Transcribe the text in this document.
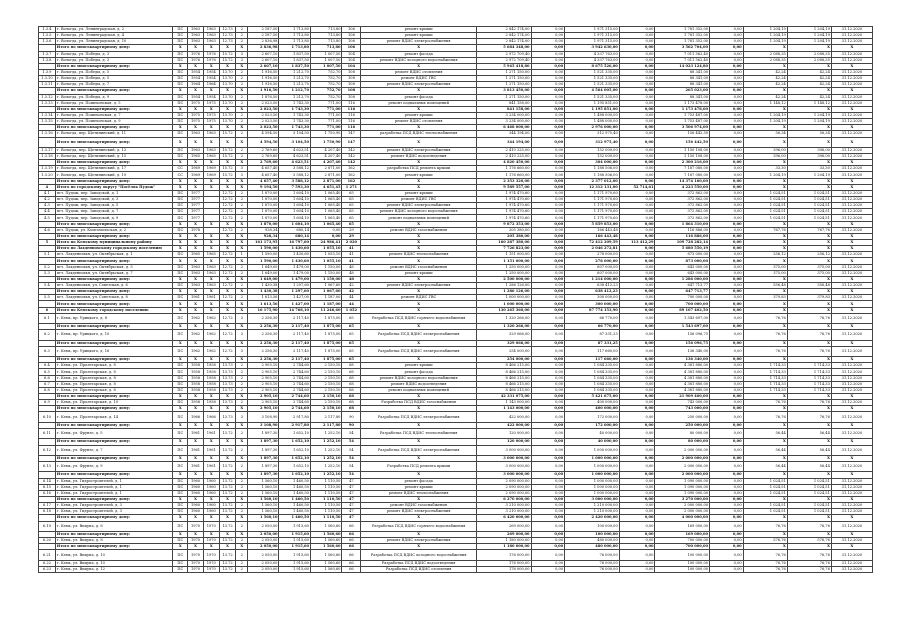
1.3.4	г. Вологда, ул. Ленинградская, д. 2	ПС	1963	1963	12.73	2	2 187,50	1 713,80	713,80	106	ремонт крыши	2 842 174,00	0,00	1 971 315,00	0,00	1 781 352,00	0,00	1 204,19	1 204,19	31.12.2020
1.3.5	г. Вологда, ул. Ленинградская, д. 4	ПС	1963	1963	12.73	2	2 187,50	1 713,80	713,80	106	ремонт крыши	2 842 174,00	0,00	1 971 315,00	0,00	1 781 352,00	0,00	1 204,19	1 204,19	31.12.2020
1.3.6	г. Вологда, ул. Ленинградская, д. 10	ПС	1963	1963	12.73	2	2 836,98	1 713,80	713,80	106	ремонт ВДИС электроснабжения	2 842 174,00	0,00	1 971 315,00	0,00	1 781 352,00	0,00	1 204,19	1 204,19	31.12.2020
	Итого по многоквартирному дому:	X	X	X	X	X	2 836,98	1 713,80	713,80	106	X	5 684 348,00	0,00	3 942 630,00	0,00	3 562 704,00	0,00	X	X	X
1.3.7	г. Вологда, ул. Победы, д. 3	ПС	1976	1976	15.72	3	2 607,10	1 837,50	1 007,50	104	ремонт фасада	2 972 709,40	0,00	4 337 763,00	0,00	7 011 562,40	0,00	2 088,35	2 088,35	31.12.2020
1.3.8	г. Вологда, ул. Победы, д. 3	ПС	1976	1976	15.72	3	2 607,10	1 837,50	1 007,50	104	ремонт ВДИС холодного водоснабжения	2 972 709,40	0,00	4 337 763,00	0,00	7 011 562,40	0,00	2 088,35	2 088,35	31.12.2020
	Итого по многоквартирному дому:	X	X	X	X	X	2 607,10	1 837,50	1 007,50	104	X	5 945 418,80	0,00	8 675 526,00	0,00	14 023 124,80	0,00	X	X	X
1.3.9	г. Вологда, ул. Победы, д. 5	ПС	1954	1954	13.70	2	1 916,50	1 212,70	752,70	108	ремонт ВДИС отопления	1 271 150,00	0,00	1 521 335,00	0,00	88 341,00	0,00	42,24	42,24	31.12.2020
1.3.10	г. Вологда, ул. Победы, д. 5	ПС	1954	1954	13.70	2	1 916,50	1 212,70	752,70	108	ремонт ВДИС ГВС	1 271 150,00	0,00	1 521 335,00	0,00	88 341,00	0,00	42,24	42,24	31.12.2020
1.3.11	г. Вологда, ул. Победы, д. 7	ПС	1964	1964	13.70	2	1 916,50	1 212,70	752,70	108	ремонт ВДИС электроснабжения	1 271 150,00	0,00	1 521 335,00	0,00	88 341,00	0,00	42,24	42,24	31.12.2020
	Итого по многоквартирному дому:	X	X	X	X	X	1 916,50	1 212,70	752,70	108	X	3 813 450,00	0,00	4 564 005,00	0,00	265 023,00	0,00	X	X	X
1.3.12	г. Вологда, ул. Победы, д. 9	ПС	1954	1954	13.70	2	1 876,50	1 212,70	752,70	108	ремонт фасада	1 271 150,00	0,00	1 521 335,00	0,00	88 341,00	0,00	42,24	42,24	31.12.2020
1.3.13	г. Вологда, ул. Пошехонская, д. 5	ПС	1975	1975	13.70	2	2 023,50	1 743,30	771,00	116	ремонт подвальных помещений	841 158,00	0,00	1 195 851,00	0,00	1 173 478,00	0,00	1 148,12	1 148,12	31.12.2020
	Итого по многоквартирному дому:	X	X	X	X	X	2 023,50	1 743,30	771,00	116	X	841 158,00	0,00	1 195 851,00	0,00	1 173 478,00	0,00	X	X	X
1.3.14	г. Вологда, ул. Пошехонская, д. 7	ПС	1975	1975	13.70	2	2 023,50	1 743,30	771,00	116	ремонт крыши	3 234 000,00	0,00	1 488 000,00	0,00	1 753 487,00	0,00	1 204,19	1 204,19	31.12.2020
1.3.15	г. Вологда, ул. Пошехонская, д. 9	ПС	1975	1975	13.70	2	2 023,50	1 743,30	771,00	116	ремонт ВДИС отопления	3 234 000,00	0,00	1 488 000,00	0,00	1 753 487,00	0,00	1 204,19	1 204,19	31.12.2020
	Итого по многоквартирному дому:	X	X	X	X	X	2 023,50	1 743,30	771,00	116	X	6 468 000,00	0,00	2 976 000,00	0,00	3 506 974,00	0,00	X	X	X
1.3.16	г. Вологда, пер. Щетининский, д. 11	ПС	1963	1963	15.72	2	4 594,50	3 104,50	1 750,90	147	разработка ПСД ВДИС теплоснабжения	344 194,00	0,00	312 975,40	0,00	156 442,50	0,00	56,34	56,34	31.12.2020
	Итого по многоквартирному дому:	X	X	X	X	X	4 594,50	3 104,50	1 750,90	147	X	344 194,00	0,00	312 975,40	0,00	156 442,50	0,00	X	X	X
1.3.17	г. Вологда, пер. Щетининский, д. 13	ПС	1963	1963	15.72	2	2 769,60	4 623,51	4 207,40	142	ремонт ВДИС электроснабжения	2 410 225,00	0,00	152 000,00	0,00	1 150 108,00	0,00	396,00	396,00	31.12.2020
1.3.18	г. Вологда, пер. Щетининский, д. 15	ПС	1965	1965	15.72	2	2 769,60	4 623,51	4 207,40	142	ремонт ВДИС водоотведения	2 410 225,00	0,00	152 000,00	0,00	1 150 108,00	0,00	396,00	396,00	31.12.2020
	Итого по многоквартирному дому:	X	X	X	X	X	2 769,60	4 623,51	4 207,40	142	X	4 820 450,00	0,00	304 000,00	0,00	2 300 216,00	0,00	X	X	X
1.3.19	г. Вологда, пер. Щетининский, д. 17	СС	1969	1969	15.72	3	4 657,40	3 588,12	2 871,00	162	разработка ПСД ремонта крыши	1 176 660,00	0,00	1 188 506,00	0,00	7 187 080,00	0,00	33,30	33,30	31.12.2020
1.3.20	г. Вологда, пер. Щетининский, д. 19	СС	1969	1969	15.72	3	4 657,40	3 588,12	2 871,00	162	ремонт крыши	1 176 660,00	0,00	1 188 506,00	0,00	7 187 080,00	0,00	1 204,19	1 204,19	31.12.2020
	Итого по многоквартирному дому:	X	X	X	X	X	4 657,40	3 588,12	2 871,00	162	X	2 353 320,00	0,00	2 377 012,00	0,00	14 374 160,00	0,00	X	X	X
4	Итого по городскому округу "Посёлок Пудож"	X	X	X	X	X	9 194,50	7 593,30	4 651,45	1 271	X	9 589 557,00	0,00	12 312 131,00	52 714,61	4 223 550,00	0,00	X	X	X
4.1	пгт. Пудож, пер. Заводской, д. 1	ПС	1977		12.72	2	1 870,00	1 604,10	1 065,40	65	ремонт крыши	1 974 470,60	0,00	1 171 970,60	0,00	372 862,00	0,00	1 024,51	1 024,51	31.12.2020
4.2	пгт. Пудож, пер. Заводской, д. 3	ПС	1977		12.72	2	1 870,00	1 604,10	1 065,40	65	ремонт ВДИС ГВС	1 974 470,60	0,00	1 171 970,60	0,00	372 862,00	0,00	1 024,51	1 024,51	31.12.2020
4.3	пгт. Пудож, пер. Заводской, д. 5	ПС	1977		12.72	2	1 870,00	1 604,10	1 065,40	65	ремонт ВДИС электроснабжения	1 974 470,60	0,00	1 171 970,60	0,00	372 862,00	0,00	1 024,51	1 024,51	31.12.2020
4.4	пгт. Пудож, пер. Заводской, д. 7	ПС	1977		12.72	2	1 870,00	1 604,10	1 065,40	65	ремонт ВДИС холодного водоснабжения	1 974 470,60	0,00	1 171 970,60	0,00	372 862,00	0,00	1 024,51	1 024,51	31.12.2020
4.5	пгт. Пудож, пер. Заводской, д. 9	ПС	1977		12.72	2	1 870,00	1 604,10	1 065,40	65	ремонт подвальных помещений	1 974 470,60	0,00	1 171 970,60	0,00	372 862,00	0,00	1 024,51	1 024,51	31.12.2020
	Итого по многоквартирному дому:	X	X	X	X	X	1 870,00	1 604,10	1 065,40	65	X	9 872 353,00	0,00	5 859 853,00	0,00	1 864 310,00	0,00	X	X	X
4.6	пгт. Пудож, ул. Комсомольская, д. 2	ПС	1978		12.72	2	928,34	680,14	0,00	29	ремонт ВДИС газоснабжения	205 380,00	0,00	166 443,48	0,00	116 886,00	0,00	767,76	767,76	31.12.2020
	Итого по многоквартирному дому:	X	X	X	X	X	928,34	680,14	0,00	29	X	205 380,00	0,00	166 443,48	0,00	116 886,00	0,00	X	X	X
5	Итого по Кемскому муниципальному району	X	X	X	X	X	161 173,95	16 797,60	24 986,41	2 020	X	160 287 380,00	0,00	72 412 209,59	113 412,29	109 728 282,14	0,00	X	X	X
	Итого по Лахденпохскому городскому поселению	X	X	X	X	X	1 590,00	1 430,60	1 055,10	41	X	7 726 823,00	0,00	2 046 272,81	0,00	5 680 550,19	0,00	X	X	X
5.1	пгт. Лахденпохья, ул. Октябрьская, д. 1	ПС	1965	1965	12.72	1	1 590,00	1 430,60	1 055,10	41	ремонт ВДИС теплоснабжения	1 151 000,00	0,00	278 000,00	0,00	873 000,00	0,00	256,12	256,12	31.12.2020
	Итого по многоквартирному дому:	X	X	X	X	X	1 590,00	1 430,60	1 055,10	41	X	1 151 000,00	0,00	278 000,00	0,00	873 000,00	0,00	X	X	X
5.2	пгт. Лахденпохья, ул. Октябрьская, д. 5	ПС	1963	1963	12.72	2	1 649,00	1 479,00	1 150,00	48	ремонт ВДИС газоснабжения	1 250 000,00	0,00	607 000,00	0,00	643 000,00	0,00	375,00	375,00	31.12.2020
5.3	пгт. Лахденпохья, ул. Октябрьская, д. 7	ПС	1963	1963	12.72	2	1 649,00	1 479,00	1 150,00	48	ремонт крыши	1 250 000,00	0,00	607 000,00	0,00	643 000,00	0,00	375,00	375,00	31.12.2020
	Итого по многоквартирному дому:	X	X	X	X	X	1 649,00	1 479,00	1 150,00	48	X	2 500 000,00	0,00	1 214 000,00	0,00	1 286 000,00	0,00	X	X	X
5.4	пгт. Лахденпохья, ул. Советская, д. 6	ПС	1963	1963	12.72	2	1 430,38	1 297,60	1 067,60	42	ремонт ВДИС электроснабжения	1 286 126,00	0,00	638 412,23	0,00	647 713,77	0,00	556,48	556,48	31.12.2020
	Итого по многоквартирному дому:	X	X	X	X	X	1 430,38	1 297,60	1 067,60	42	X	1 286 126,00	0,00	638 412,23	0,00	647 713,77	0,00	X	X	X
5.5	пгт. Лахденпохья, ул. Советская, д. 8	ПС	1961	1961	12.72	2	1 613,56	1 427,00	1 187,00	44	ремонт ВДИС ГВС	1 000 000,00	0,00	300 000,00	0,00	700 000,00	0,00	379,83	379,83	31.12.2020
	Итого по многоквартирному дому:	X	X	X	X	X	1 613,56	1 427,00	1 187,00	44	X	1 000 000,00	0,00	300 000,00	0,00	700 000,00	0,00	X	X	X
6	Итого по Кемскому городскому поселению	X	X	X	X	X	16 175,90	14 768,10	11 246,60	1 052	X	130 265 360,00	0,00	87 774 153,90	0,00	89 107 402,50	0,00	X	X	X
6.1	г. Кемь, пр. Урицкого, д. 8	ПС	1962	1962	12.72	3	2 256,30	2 117,40	1 875,00	65	Разработка ПСД ВДИС горячего водоснабжения	1 320 266,00	0,00	66 770,00	0,00	1 543 697,00	0,00	76,76	76,76	31.12.2020
	Итого по многоквартирному дому:	X	X	X	X	X	2 256,30	2 117,40	1 875,00	65	X	1 320 266,00	0,00	66 770,00	0,00	1 543 697,00	0,00	X	X	X
6.2	г. Кемь, пр. Урицкого, д. 10	ПС	1962	1962	12.72	3	2 256,30	2 117,40	1 875,00	65	Разработка ПСД ВДИС электроснабжения	329 066,00	0,00	87 331,25	0,00	156 096,75	0,00	76,76	76,76	31.12.2020
	Итого по многоквартирному дому:	X	X	X	X	X	2 256,30	2 117,40	1 875,00	65	X	329 066,00	0,00	87 331,25	0,00	156 096,75	0,00	X	X	X
6.3	г. Кемь, пр. Урицкого, д. 16	ПС	1962	1962	12.72	3	2 256,30	2 117,40	1 875,00	65	Разработка ПСД ВДИС электроснабжения	254 000,00	0,00	117 660,00	0,00	136 340,00	0,00	76,76	76,76	31.12.2020
	Итого по многоквартирному дому:	X	X	X	X	X	2 256,30	2 117,40	1 875,00	65	X	254 000,00	0,00	117 660,00	0,00	136 340,00	0,00	X	X	X
6.4	г. Кемь, ул. Пролетарская, д. 8	ПС	1958	1958	13.73	2	2 905,10	2 744,60	2 150,10	68	ремонт крыши	8 466 215,00	0,00	1 084 335,00	0,00	4 381 880,00	0,00	1 714,33	1 714,33	31.12.2020
6.5	г. Кемь, ул. Пролетарская, д. 8	ПС	1958	1958	13.73	2	2 905,10	2 744,60	2 150,10	68	ремонт фасада	8 466 215,00	0,00	1 084 335,00	0,00	4 381 880,00	0,00	1 714,33	1 714,33	31.12.2020
6.6	г. Кемь, ул. Пролетарская, д. 8	ПС	1958	1958	13.73	2	2 905,10	2 744,60	2 150,10	68	ремонт ВДИС холодного водоснабжения	8 466 215,00	0,00	1 084 335,00	0,00	4 381 880,00	0,00	1 714,33	1 714,33	31.12.2020
6.7	г. Кемь, ул. Пролетарская, д. 8	ПС	1958	1958	13.73	2	2 905,10	2 744,60	2 150,10	68	ремонт ВДИС водоотведения	8 466 215,00	0,00	1 084 335,00	0,00	4 381 880,00	0,00	1 714,33	1 714,33	31.12.2020
6.8	г. Кемь, ул. Пролетарская, д. 8	ПС	1958	1958	13.73	2	2 905,10	2 744,60	2 150,10	68	ремонт подвальных помещений	8 466 215,00	0,00	1 084 335,00	0,00	4 381 880,00	0,00	1 714,33	1 714,33	31.12.2020
	Итого по многоквартирному дому:	X	X	X	X	X	2 905,10	2 744,60	2 150,10	68	X	42 331 075,00	0,00	5 421 675,00	0,00	21 909 400,00	0,00	X	X	X
6.9	г. Кемь, ул. Пролетарская, д. 10	ПС	1958	1958	13.73	2	2 905,10	2 744,60	2 150,10	68	Разработка ПСД ВДИС газоснабжения	1 143 000,00	0,00	400 000,00	0,00	743 000,00	0,00	76,76	76,76	31.12.2020
	Итого по многоквартирному дому:	X	X	X	X	X	2 905,10	2 744,60	2 150,10	68	X	1 143 000,00	0,00	400 000,00	0,00	743 000,00	0,00	X	X	X
6.10	г. Кемь, ул. Пролетарская, д. 14	ПС	1966	1966	13.73	3	3 108,90	2 917,80	2 117,80	90	Разработка ПСД ВДИС электроснабжения	422 000,00	0,00	172 000,00	0,00	250 000,00	0,00	76,76	76,76	31.12.2020
	Итого по многоквартирному дому:	X	X	X	X	X	3 108,90	2 917,80	2 117,80	90	X	422 000,00	0,00	172 000,00	0,00	250 000,00	0,00	X	X	X
6.11	г. Кемь, ул. Фрунзе, д. 5	ПС	1961	1961	13.72	2	1 897,30	1 652,10	1 252,10	54	Разработка ПСД ВДИС теплоснабжения	120 000,00	0,00	40 000,00	0,00	80 000,00	0,00	56,44	56,44	31.12.2020
	Итого по многоквартирному дому:	X	X	X	X	X	1 897,30	1 652,10	1 252,10	54	X	120 000,00	0,00	40 000,00	0,00	80 000,00	0,00	X	X	X
6.12	г. Кемь, ул. Фрунзе, д. 7	ПС	1961	1961	13.72	2	1 897,30	1 652,10	1 252,10	54	Разработка ПСД ВДИС электроснабжения	3 000 000,00	0,00	1 000 000,00	0,00	2 000 000,00	0,00	56,44	56,44	31.12.2020
	Итого по многоквартирному дому:	X	X	X	X	X	1 897,30	1 652,10	1 252,10	54	X	3 000 000,00	0,00	1 000 000,00	0,00	2 000 000,00	0,00	X	X	X
6.13	г. Кемь, ул. Фрунзе, д. 9	ПС	1961	1961	13.72	2	1 897,30	1 652,10	1 252,10	54	Разработка ПСД ремонта крыши	3 000 000,00	0,00	1 000 000,00	0,00	2 000 000,00	0,00	56,44	56,44	31.12.2020
	Итого по многоквартирному дому:	X	X	X	X	X	1 897,30	1 652,10	1 252,10	54	X	3 000 000,00	0,00	1 000 000,00	0,00	2 000 000,00	0,00	X	X	X
6.14	г. Кемь, ул. Гидростроителей, д. 1	ПС	1960	1960	13.72	2	1 560,10	1 460,50	1 110,50	47	ремонт фасада	2 090 000,00	0,00	1 000 000,00	0,00	1 090 000,00	0,00	1 024,51	1 024,51	31.12.2020
6.15	г. Кемь, ул. Гидростроителей, д. 1	ПС	1960	1960	13.72	2	1 560,10	1 460,50	1 110,50	47	ремонт крыши	2 090 000,00	0,00	1 000 000,00	0,00	1 090 000,00	0,00	1 024,51	1 024,51	31.12.2020
6.16	г. Кемь, ул. Гидростроителей, д. 1	ПС	1960	1960	13.72	2	1 560,10	1 460,50	1 110,50	47	ремонт ВДИС теплоснабжения	2 090 000,00	0,00	1 000 000,00	0,00	1 090 000,00	0,00	1 024,51	1 024,51	31.12.2020
	Итого по многоквартирному дому:	X	X	X	X	X	1 560,10	1 460,50	1 110,50	47	X	6 270 000,00	0,00	3 000 000,00	0,00	3 270 000,00	0,00	X	X	X
6.17	г. Кемь, ул. Гидростроителей, д. 3	ПС	1960	1960	13.72	2	1 560,10	1 460,50	1 110,50	47	ремонт ВДИС газоснабжения	3 210 000,00	0,00	1 210 000,00	0,00	2 000 000,00	0,00	1 024,51	1 024,51	31.12.2020
6.18	г. Кемь, ул. Гидростроителей, д. 3	ПС	1960	1960	13.72	2	1 560,10	1 460,50	1 110,50	47	ремонт ВДИС электроснабжения	3 210 000,00	0,00	1 210 000,00	0,00	2 000 000,00	0,00	1 024,51	1 024,51	31.12.2020
	Итого по многоквартирному дому:	X	X	X	X	X	1 560,10	1 460,50	1 110,50	47	X	6 420 000,00	0,00	2 420 000,00	0,00	4 000 000,00	0,00	X	X	X
6.19	г. Кемь, ул. Вицупа, д. 6	ПС	1970	1970	13.72	2	2 050,00	1 915,60	1 560,60	66	Разработка ПСД ВДИС горячего водоснабжения	269 000,00	0,00	100 000,00	0,00	169 000,00	0,00	76,76	76,76	31.12.2020
	Итого по многоквартирному дому:	X	X	X	X	X	2 050,00	1 915,60	1 560,60	66	X	269 000,00	0,00	100 000,00	0,00	169 000,00	0,00	X	X	X
6.20	г. Кемь, ул. Вицупа, д. 8	ПС	1970	1970	13.72	2	2 050,00	1 915,60	1 560,60	66	ремонт ВДИС электроснабжения	1 180 000,00	0,00	480 000,00	0,00	700 000,00	0,00	576,76	576,76	31.12.2020
	Итого по многоквартирному дому:	X	X	X	X	X	2 050,00	1 915,60	1 560,60	66	X	1 180 000,00	0,00	480 000,00	0,00	700 000,00	0,00	X	X	X
6.21	г. Кемь, ул. Вицупа, д. 10	ПС	1970	1970	13.72	2	2 050,00	1 915,60	1 560,60	66	Разработка ПСД ВДИС холодного водоснабжения	176 000,00	0,00	76 000,00	0,00	100 000,00	0,00	76,76	76,76	31.12.2020
6.22	г. Кемь, ул. Вицупа, д. 10	ПС	1970	1970	13.72	2	2 050,00	1 915,60	1 560,60	66	Разработка ПСД ВДИС водоотведения	176 000,00	0,00	76 000,00	0,00	100 000,00	0,00	76,76	76,76	31.12.2020
6.23	г. Кемь, ул. Вицупа, д. 12	ПС	1970	1970	13.72	2	2 050,00	1 915,60	1 560,60	66	Разработка ПСД ВДИС отопления	176 000,00	0,00	76 000,00	0,00	100 000,00	0,00	76,76	76,76	31.12.2020
